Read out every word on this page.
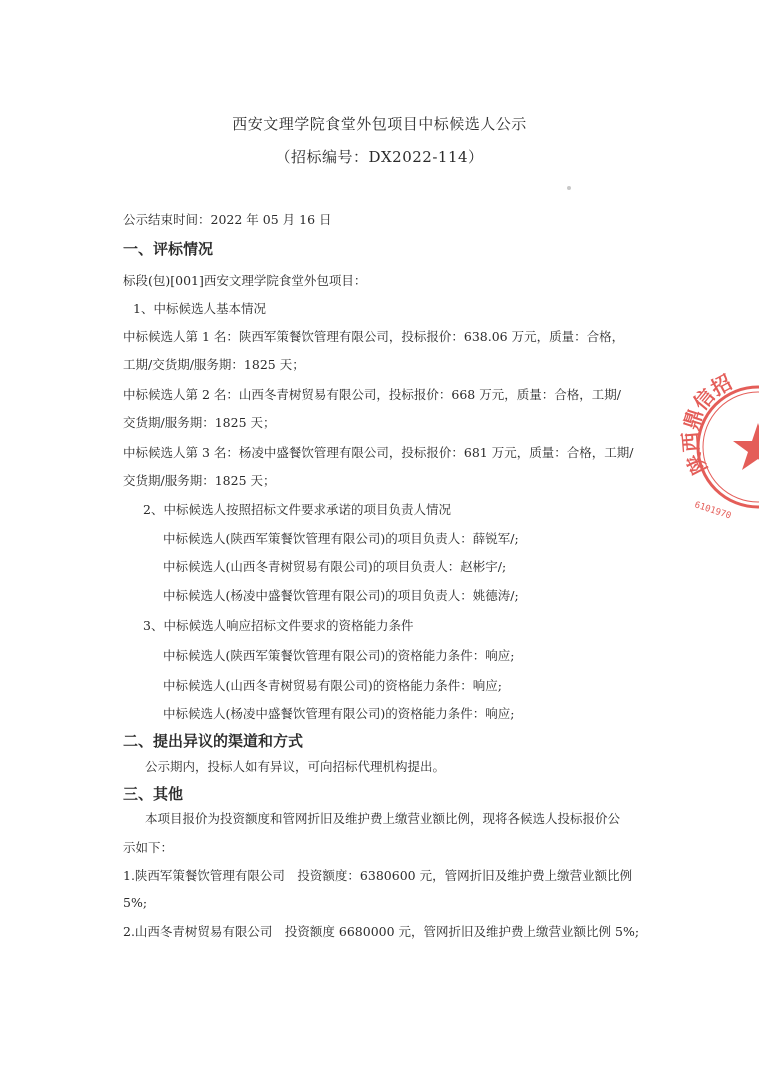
西安文理学院食堂外包项目中标候选人公示
（招标编号：DX2022-114）
公示结束时间：2022 年 05 月 16 日
一、评标情况
标段(包)[001]西安文理学院食堂外包项目：
1、中标候选人基本情况
中标候选人第 1 名：陕西军策餐饮管理有限公司，投标报价：638.06 万元，质量：合格，
工期/交货期/服务期：1825 天；
中标候选人第 2 名：山西冬青树贸易有限公司，投标报价：668 万元，质量：合格，工期/
交货期/服务期：1825 天；
中标候选人第 3 名：杨凌中盛餐饮管理有限公司，投标报价：681 万元，质量：合格，工期/
交货期/服务期：1825 天；
2、中标候选人按照招标文件要求承诺的项目负责人情况
中标候选人(陕西军策餐饮管理有限公司)的项目负责人：薛锐军/;
中标候选人(山西冬青树贸易有限公司)的项目负责人：赵彬宇/;
中标候选人(杨凌中盛餐饮管理有限公司)的项目负责人：姚德涛/;
3、中标候选人响应招标文件要求的资格能力条件
中标候选人(陕西军策餐饮管理有限公司)的资格能力条件：响应;
中标候选人(山西冬青树贸易有限公司)的资格能力条件：响应;
中标候选人(杨凌中盛餐饮管理有限公司)的资格能力条件：响应;
二、提出异议的渠道和方式
公示期内，投标人如有异议，可向招标代理机构提出。
三、其他
本项目报价为投资额度和管网折旧及维护费上缴营业额比例，现将各候选人投标报价公
示如下：
1.陕西军策餐饮管理有限公司　投资额度：6380600 元，管网折旧及维护费上缴营业额比例
5%;
2.山西冬青树贸易有限公司　投资额度 6680000 元，管网折旧及维护费上缴营业额比例 5%;
陕西鼎信招
6101970
